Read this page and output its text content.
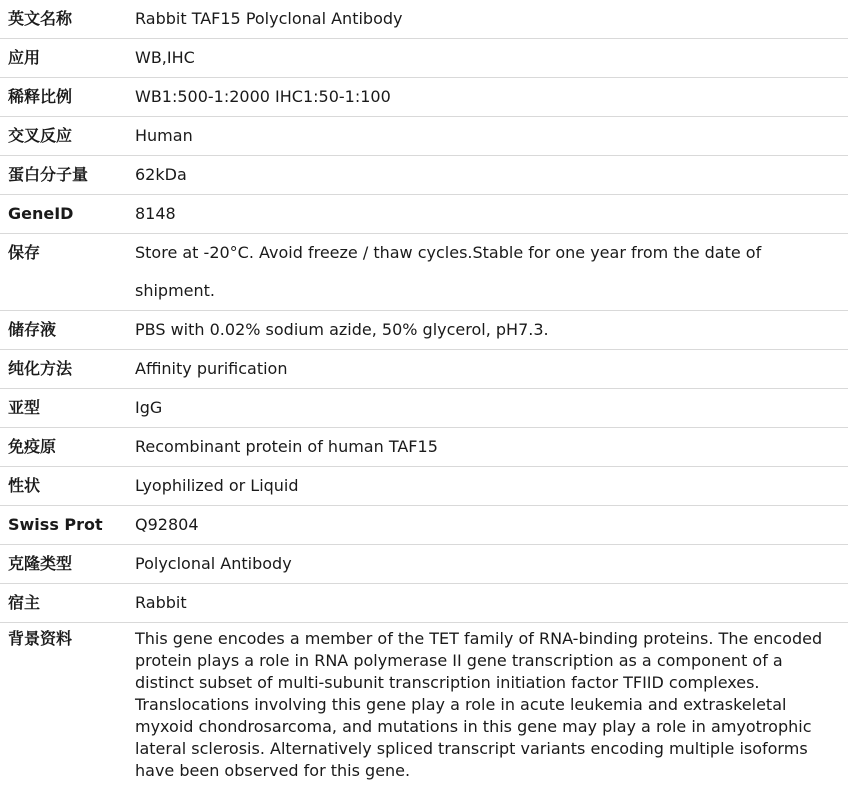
英文名称	Rabbit TAF15 Polyclonal Antibody
应用	WB,IHC
稀释比例	WB1:500-1:2000 IHC1:50-1:100
交叉反应	Human
蛋白分子量	62kDa
GeneID	8148
保存	Store at -20°C. Avoid freeze / thaw cycles.Stable for one year from the date of shipment.
储存液	PBS with 0.02% sodium azide, 50% glycerol, pH7.3.
纯化方法	Affinity purification
亚型	IgG
免疫原	Recombinant protein of human TAF15
性状	Lyophilized or Liquid
Swiss Prot	Q92804
克隆类型	Polyclonal Antibody
宿主	Rabbit
背景资料	This gene encodes a member of the TET family of RNA-binding proteins. The encoded protein plays a role in RNA polymerase II gene transcription as a component of a distinct subset of multi-subunit transcription initiation factor TFIID complexes. Translocations involving this gene play a role in acute leukemia and extraskeletal myxoid chondrosarcoma, and mutations in this gene may play a role in amyotrophic lateral sclerosis. Alternatively spliced transcript variants encoding multiple isoforms have been observed for this gene.
